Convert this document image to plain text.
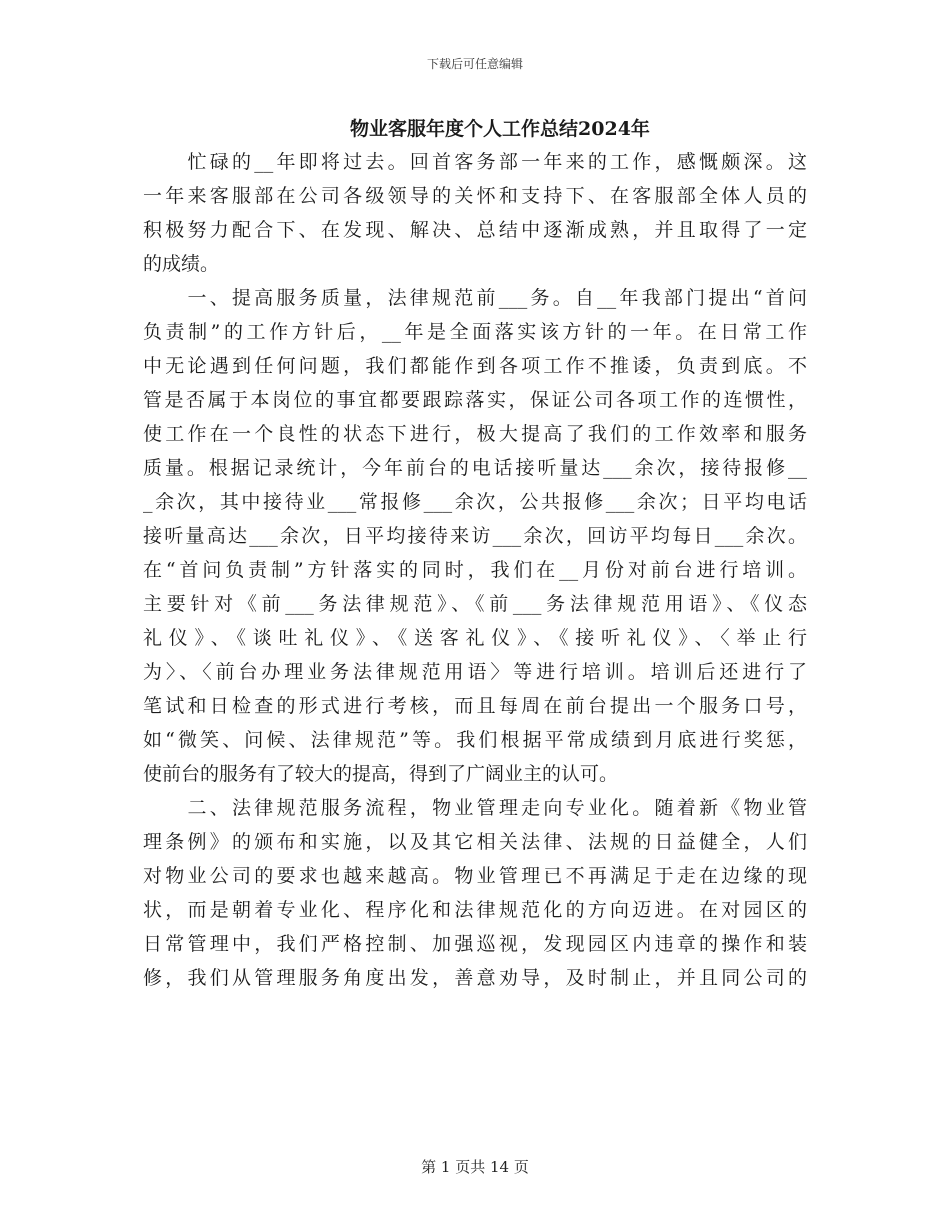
下载后可任意编辑
物业客服年度个人工作总结2024年
　　忙碌的__年即将过去。回首客务部一年来的工作，感慨颇深。这
一年来客服部在公司各级领导的关怀和支持下、在客服部全体人员的
积极努力配合下、在发现、解决、总结中逐渐成熟，并且取得了一定
的成绩。
　　一、提高服务质量，法律规范前___务。自__年我部门提出“首问
负责制”的工作方针后，__年是全面落实该方针的一年。在日常工作
中无论遇到任何问题，我们都能作到各项工作不推诿，负责到底。不
管是否属于本岗位的事宜都要跟踪落实，保证公司各项工作的连惯性，
使工作在一个良性的状态下进行，极大提高了我们的工作效率和服务
质量。根据记录统计，今年前台的电话接听量达___余次，接待报修__
_余次，其中接待业___常报修___余次，公共报修___余次；日平均电话
接听量高达___余次，日平均接待来访___余次，回访平均每日___余次。
在“首问负责制”方针落实的同时，我们在__月份对前台进行培训。
主要针对《前___务法律规范》、《前___务法律规范用语》、《仪态
礼仪》、《谈吐礼仪》、《送客礼仪》、《接听礼仪》、〈举止行
为〉、〈前台办理业务法律规范用语〉等进行培训。培训后还进行了
笔试和日检查的形式进行考核，而且每周在前台提出一个服务口号，
如“微笑、问候、法律规范”等。我们根据平常成绩到月底进行奖惩，
使前台的服务有了较大的提高，得到了广阔业主的认可。
　　二、法律规范服务流程，物业管理走向专业化。随着新《物业管
理条例》的颁布和实施，以及其它相关法律、法规的日益健全，人们
对物业公司的要求也越来越高。物业管理已不再满足于走在边缘的现
状，而是朝着专业化、程序化和法律规范化的方向迈进。在对园区的
日常管理中，我们严格控制、加强巡视，发现园区内违章的操作和装
修，我们从管理服务角度出发，善意劝导，及时制止，并且同公司的
第 1 页共 14 页
